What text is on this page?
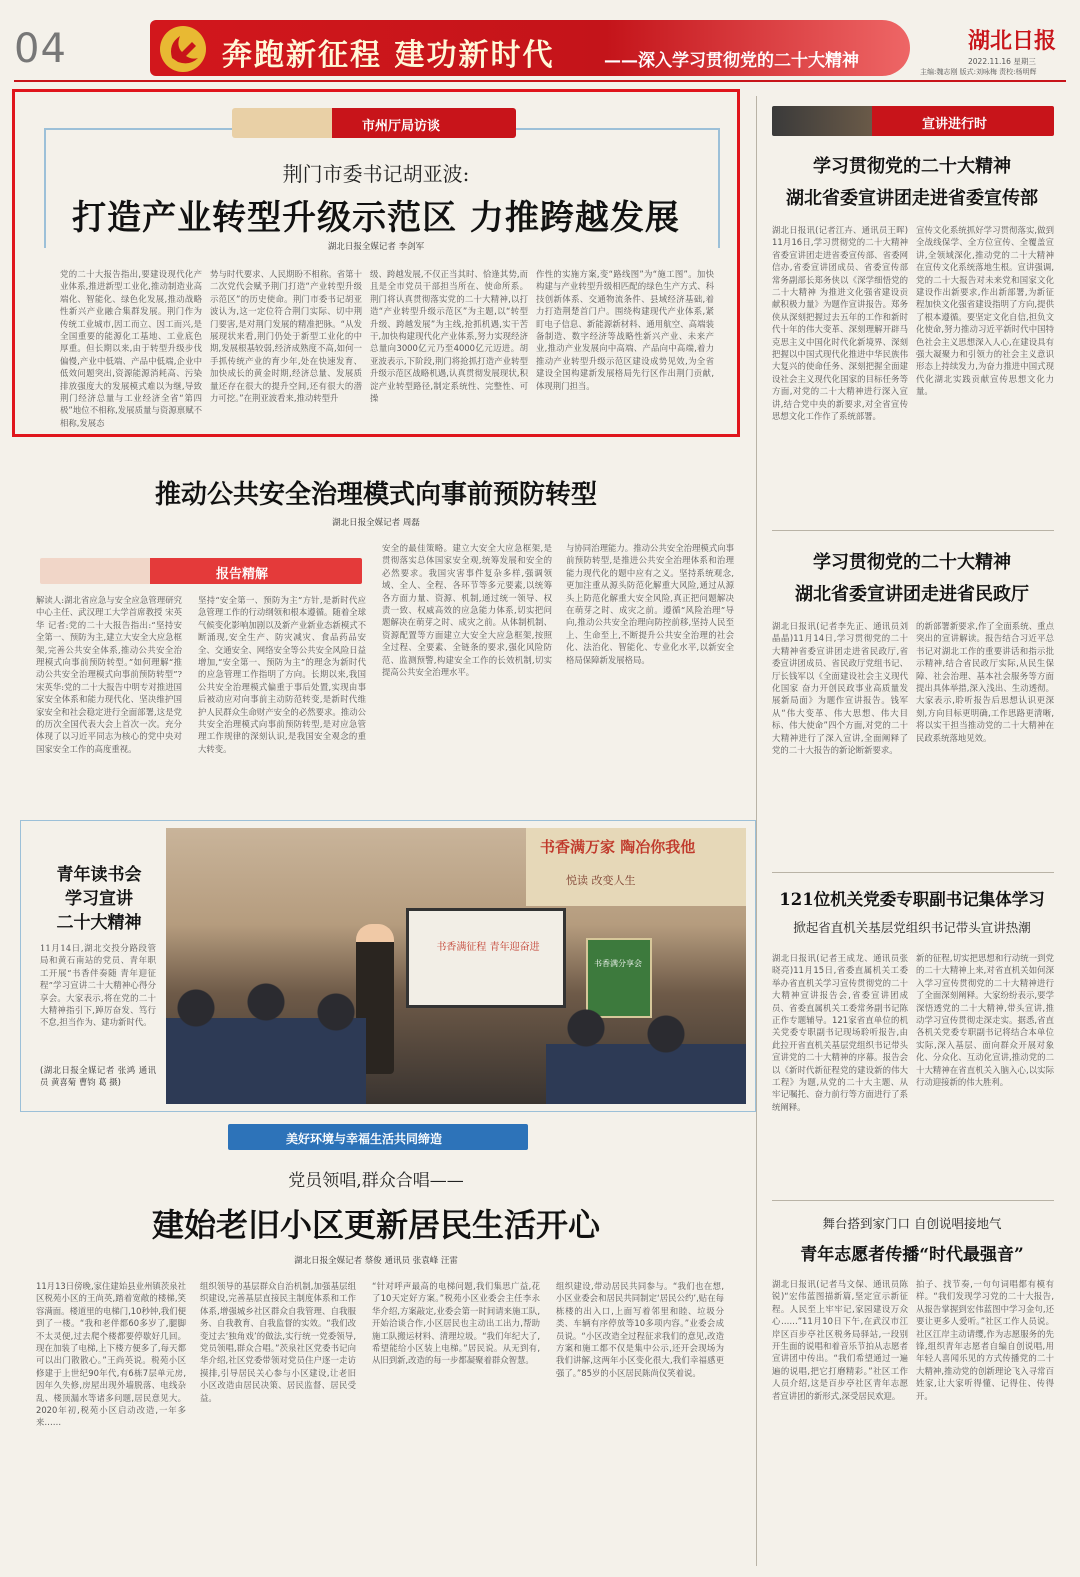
04	奔跑新征程 建功新时代	——深入学习贯彻党的二十大精神
湖北日报
2022.11.16 星期三
主编:魏志刚 版式:刘咏梅 责校:杨明辉
市州厅局访谈
荆门市委书记胡亚波:
打造产业转型升级示范区 力推跨越发展
湖北日报全媒记者 李剑军
党的二十大报告指出,要建设现代化产业体系,推进新型工业化,推动制造业高端化、智能化、绿色化发展,推动战略性新兴产业融合集群发展。荆门作为传统工业城市,因工而立、因工而兴,是全国重要的能源化工基地、工业底色厚重。但长期以来,由于转型升级步伐偏慢,产业中低端、产品中低端,企业中低效问题突出,资源能源消耗高、污染排放强度大的发展模式难以为继,导致荆门经济总量与工业经济全省“第四极”地位不相称,发展质量与资源禀赋不相称,发展态
势与时代要求、人民期盼不相称。省第十二次党代会赋予荆门打造“产业转型升级示范区”的历史使命。荆门市委书记胡亚波认为,这一定位符合荆门实际、切中荆门要害,是对荆门发展的精准把脉。“从发展现状来看,荆门仍处于新型工业化的中期,发展根基较弱,经济成熟度不高,如何一手抓传统产业的育少年,处在快速发育、加快成长的黄金时期,经济总量、发展质量还存在很大的提升空间,还有很大的潜力可挖。”在荆亚波看来,推动转型升
级、跨越发展,不仅正当其时、恰逢其势,而且是全市党员干部担当所在、使命所系。荆门将认真贯彻落实党的二十大精神,以打造“产业转型升级示范区”为主题,以“转型升级、跨越发展”为主线,抢抓机遇,实干苦干,加快构建现代化产业体系,努力实现经济总量向3000亿元乃至4000亿元迈进。胡亚波表示,下阶段,荆门将抢抓打造产业转型升级示范区战略机遇,认真贯彻发展现状,积淀产业转型路径,制定系统性、完整性、可操
作性的实施方案,变“路线图”为“施工图”。加快构建与产业转型升级相匹配的绿色生产方式、科技创新体系、交通物流条件、县域经济基础,着力打造荆楚首门户。围绕构建现代产业体系,紧盯电子信息、新能源新材料、通用航空、高端装备制造、数字经济等战略性新兴产业、未来产业,推动产业发展向中高端、产品向中高端,着力推动产业转型升级示范区建设成势见效,为全省建设全国构建新发展格局先行区作出荆门贡献,体现荆门担当。
推动公共安全治理模式向事前预防转型
湖北日报全媒记者 周磊
报告精解
解读人:湖北省应急与安全应急管理研究中心主任、武汉理工大学首席教授 宋英华 记者:党的二十大报告指出:“坚持安全第一、预防为主,建立大安全大应急框架,完善公共安全体系,推动公共安全治理模式向事前预防转型。”如何理解“推动公共安全治理模式向事前预防转型”? 宋英华:党的二十大报告中明专对推进国家安全体系和能力现代化、坚决维护国家安全和社会稳定进行全面部署,这是党的历次全国代表大会上首次一次。充分体现了以习近平同志为核心的党中央对国家安全工作的高度重视。
坚持“安全第一、预防为主”方针,是新时代应急管理工作的行动纲领和根本遵循。随着全球气候变化影响加剧以及新产业新业态新模式不断涌现,安全生产、防灾减灾、食品药品安全、交通安全、网络安全等公共安全风险日益增加,“安全第一、预防为主”的理念为新时代的应急管理工作指明了方向。长期以来,我国公共安全治理模式偏重于事后处置,实现由事后被动应对向事前主动防范转变,是新时代维护人民群众生命财产安全的必然要求。推动公共安全治理模式向事前预防转型,是对应急管理工作规律的深刻认识,是我国安全观念的重大转变。
安全的最佳策略。建立大安全大应急框架,是贯彻落实总体国家安全观,统筹发展和安全的必然要求。我国灾害事件复杂多样,强调领域、全人、全程、各环节等多元要素,以统筹各方面力量、资源、机制,通过统一领导、权责一致、权威高效的应急能力体系,切实把问题解决在萌芽之时、成灾之前。从体制机制、资源配置等方面建立大安全大应急框架,按照全过程、全要素、全链条的要求,强化风险防范、监测预警,构建安全工作的长效机制,切实提高公共安全治理水平。
与协同治理能力。推动公共安全治理模式向事前预防转型,是推进公共安全治理体系和治理能力现代化的题中应有之义。坚持系统观念,更加注重从源头防范化解重大风险,通过从源头上防范化解重大安全风险,真正把问题解决在萌芽之时、成灾之前。遵循“风险治理”导向,推动公共安全治理向防控前移,坚持人民至上、生命至上,不断提升公共安全治理的社会化、法治化、智能化、专业化水平,以新安全格局保障新发展格局。
青年读书会
学习宣讲
二十大精神
11月14日,湖北交投分路段管局和黄石南站的党员、青年职工开展“书香伴奏随 青年迎征程”学习宣讲二十大精神心得分享会。大家表示,将在党的二十大精神指引下,踔厉奋发、笃行不怠,担当作为、建功新时代。
(湖北日报全媒记者 张鸿 通讯员 黄喜菊 曹钧 葛 摄)
书香满万家 陶冶你我他
悦读 改变人生
书香满征程 青年迎奋进
书香满分享会
美好环境与幸福生活共同缔造
党员领唱,群众合唱——
建始老旧小区更新居民生活开心
湖北日报全媒记者 蔡俊 通讯员 张袁峰 汪雷
11月13日傍晚,家住建始县业州镇茨泉社区税苑小区的王尚英,踏着宽敞的楼梯,笑容满面。楼道里的电梯门,10秒钟,我们便到了一楼。“我和老伴都60多岁了,腿脚不太灵便,过去爬个楼都要停歇好几回。现在加装了电梯,上下楼方便多了,每天都可以出门散散心。”王尚英说。税苑小区修建于上世纪90年代,有6栋7层单元房,因年久失修,房屋出现外墙脱落、电线杂乱、楼顶漏水等诸多问题,居民意见大。2020年初,税苑小区启动改造,一年多来……
组织领导的基层群众自治机制,加强基层组织建设,完善基层直接民主制度体系和工作体系,增强城乡社区群众自我管理、自我服务、自我教育、自我监督的实效。“我们改变过去‘独角戏’的做法,实行统一党委领导,党员领唱,群众合唱。”茨泉社区党委书记向华介绍,社区党委带领对党员住户逐一走访摸排,引导居民关心参与小区建设,让老旧小区改造由居民决策、居民监督、居民受益。
“针对呼声最高的电梯问题,我们集思广益,花了10天定好方案。”税苑小区业委会主任李永华介绍,方案敲定,业委会第一时间请来施工队,开始洽谈合作,小区居民也主动出工出力,帮助施工队搬运材料、清理垃圾。“我们年纪大了,希望能给小区装上电梯。”居民说。从无到有,从旧到新,改造的每一步都凝聚着群众智慧。
组织建设,带动居民共同参与。“我们也在想,小区业委会和居民共同制定‘居民公约’,贴在每栋楼的出入口,上面写着邻里和睦、垃圾分类、车辆有序停放等10多项内容。”业委会成员说。“小区改造全过程征求我们的意见,改造方案和施工都不仅是集中公示,还开会现场为我们讲解,这两年小区变化很大,我们幸福感更强了。”85岁的小区居民陈尚仪笑着说。
宣讲进行时
学习贯彻党的二十大精神
湖北省委宣讲团走进省委宣传部
湖北日报讯(记者江卉、通讯员王晖)11月16日,学习贯彻党的二十大精神省委宣讲团走进省委宣传部、省委网信办,省委宣讲团成员、省委宣传部常务副部长郑务侠以《深学细悟党的二十大精神 为推进文化强省建设贡献积极力量》为题作宣讲报告。郑务侠从深刻把握过去五年的工作和新时代十年的伟大变革、深刻理解开辟马克思主义中国化时代化新境界、深刻把握以中国式现代化推进中华民族伟大复兴的使命任务、深刻把握全面建设社会主义现代化国家的目标任务等方面,对党的二十大精神进行深入宣讲,结合党中央的新要求,对全省宣传思想文化工作作了系统部署。
宣传文化系统抓好学习贯彻落实,做到全战线保学、全方位宣传、全覆盖宣讲,全领域深化,推动党的二十大精神在宣传文化系统落地生根。宣讲强调,党的二十大报告对未来党和国家文化建设作出新要求,作出新部署,为新征程加快文化强省建设指明了方向,提供了根本遵循。要坚定文化自信,担负文化使命,努力推动习近平新时代中国特色社会主义思想深入人心,在建设具有强大凝聚力和引领力的社会主义意识形态上持续发力,为奋力推进中国式现代化湖北实践贡献宣传思想文化力量。
学习贯彻党的二十大精神
湖北省委宣讲团走进省民政厅
湖北日报讯(记者李先正、通讯员刘晶晶)11月14日,学习贯彻党的二十大精神省委宣讲团走进省民政厅,省委宣讲团成员、省民政厅党组书记、厅长钱军以《全面建设社会主义现代化国家 奋力开创民政事业高质量发展新局面》为题作宣讲报告。钱军从“伟大变革、伟大思想、伟大目标、伟大使命”四个方面,对党的二十大精神进行了深入宣讲,全面阐释了党的二十大报告的新论断新要求。
的新部署新要求,作了全面系统、重点突出的宣讲解读。报告结合习近平总书记对湖北工作的重要讲话和指示批示精神,结合省民政厅实际,从民生保障、社会治理、基本社会服务等方面提出具体举措,深入浅出、生动透彻。大家表示,聆听报告后思想认识更深刻,方向目标更明确,工作思路更清晰,将以实干担当推动党的二十大精神在民政系统落地见效。
121位机关党委专职副书记集体学习
掀起省直机关基层党组织书记带头宣讲热潮
湖北日报讯(记者王成龙、通讯员张晓亮)11月15日,省委直属机关工委举办省直机关学习宣传贯彻党的二十大精神宣讲报告会,省委宣讲团成员、省委直属机关工委常务副书记陈正作专题辅导。121家省直单位的机关党委专职副书记现场聆听报告,由此拉开省直机关基层党组织书记带头宣讲党的二十大精神的序幕。报告会以《新时代新征程党的建设新的伟大工程》为题,从党的二十大主题、从牢记嘱托、奋力前行等方面进行了系统阐释。
新的征程,切实把思想和行动统一到党的二十大精神上来,对省直机关如何深入学习宣传贯彻党的二十大精神进行了全面深刻阐释。大家纷纷表示,要学深悟透党的二十大精神,带头宣讲,推动学习宣传贯彻走深走实。据悉,省直各机关党委专职副书记将结合本单位实际,深入基层、面向群众开展对象化、分众化、互动化宣讲,推动党的二十大精神在省直机关入脑入心,以实际行动迎接新的伟大胜利。
舞台搭到家门口 自创说唱接地气
青年志愿者传播“时代最强音”
湖北日报讯(记者马文保、通讯员陈锐)“宏伟蓝图描新篇,坚定宣示新征程。人民至上牢牢记,家园建设万众心……”11月10日下午,在武汉市江岸区百步亭社区税务局驿站,一段别开生面的说唱和着音乐节拍从志愿者宣讲团中传出。“我们希望通过一遍遍的说唱,把它打磨精彩。”社区工作人员介绍,这是百步亭社区青年志愿者宣讲团的新形式,深受居民欢迎。
拍子、找节奏,一句句词唱都有模有样。“我们发现学习党的二十大报告,从报告掌握到宏伟蓝图中学习金句,还要让更多人爱听。”社区工作人员说。社区江岸主动请缨,作为志愿服务的先锋,组织青年志愿者自编自创说唱,用年轻人喜闻乐见的方式传播党的二十大精神,推动党的创新理论飞入寻常百姓家,让大家听得懂、记得住、传得开。
